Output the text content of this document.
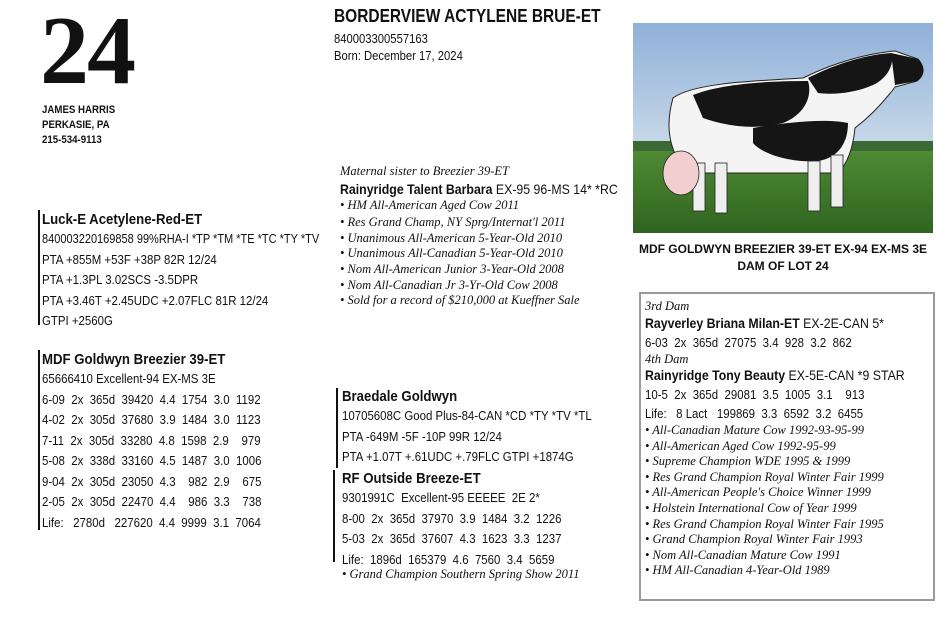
24
JAMES HARRIS
PERKASIE, PA
215-534-9113
BORDERVIEW ACTYLENE BRUE-ET
840003300557163
Born: December 17, 2024
Luck-E Acetylene-Red-ET
840003220169858 99%RHA-I *TP *TM *TE *TC *TY *TV
PTA +855M +53F +38P 82R 12/24
PTA +1.3PL 3.02SCS -3.5DPR
PTA +3.46T +2.45UDC +2.07FLC 81R 12/24
GTPI +2560G
MDF Goldwyn Breezier 39-ET
65666410 Excellent-94 EX-MS 3E
6-09  2x  365d  39420  4.4  1754  3.0  1192
4-02  2x  305d  37680  3.9  1484  3.0  1123
7-11  2x  305d  33280  4.8  1598  2.9    979
5-08  2x  338d  33160  4.5  1487  3.0  1006
9-04  2x  305d  23050  4.3    982  2.9    675
2-05  2x  305d  22470  4.4    986  3.3    738
Life:   2780d   227620  4.4  9999  3.1  7064
Maternal sister to Breezier 39-ET
Rainyridge Talent Barbara EX-95 96-MS 14* *RC
• HM All-American Aged Cow 2011
• Res Grand Champ, NY Sprg/Internat'l 2011
• Unanimous All-American 5-Year-Old 2010
• Unanimous All-Canadian 5-Year-Old 2010
• Nom All-American Junior 3-Year-Old 2008
• Nom All-Canadian Jr 3-Yr-Old Cow 2008
• Sold for a record of $210,000 at Kueffner Sale
Braedale Goldwyn
10705608C Good Plus-84-CAN *CD *TY *TV *TL
PTA -649M -5F -10P 99R 12/24
PTA +1.07T +.61UDC +.79FLC GTPI +1874G
RF Outside Breeze-ET
9301991C  Excellent-95 EEEEE  2E 2*
8-00  2x  365d  37970  3.9  1484  3.2  1226
5-03  2x  365d  37607  4.3  1623  3.3  1237
Life:  1896d  165379  4.6  7560  3.4  5659
• Grand Champion Southern Spring Show 2011
MDF GOLDWYN BREEZIER 39-ET EX-94 EX-MS 3E
DAM OF LOT 24
3rd Dam
Rayverley Briana Milan-ET EX-2E-CAN 5*
6-03  2x  365d  27075  3.4  928  3.2  862
4th Dam
Rainyridge Tony Beauty EX-5E-CAN *9 STAR
10-5  2x  365d  29081  3.5  1005  3.1    913
Life:   8 Lact   199869  3.3  6592  3.2  6455
• All-Canadian Mature Cow 1992-93-95-99
• All-American Aged Cow 1992-95-99
• Supreme Champion WDE 1995 & 1999
• Res Grand Champion Royal Winter Fair 1999
• All-American People's Choice Winner 1999
• Holstein International Cow of Year 1999
• Res Grand Champion Royal Winter Fair 1995
• Grand Champion Royal Winter Fair 1993
• Nom All-Canadian Mature Cow 1991
• HM All-Canadian 4-Year-Old 1989
